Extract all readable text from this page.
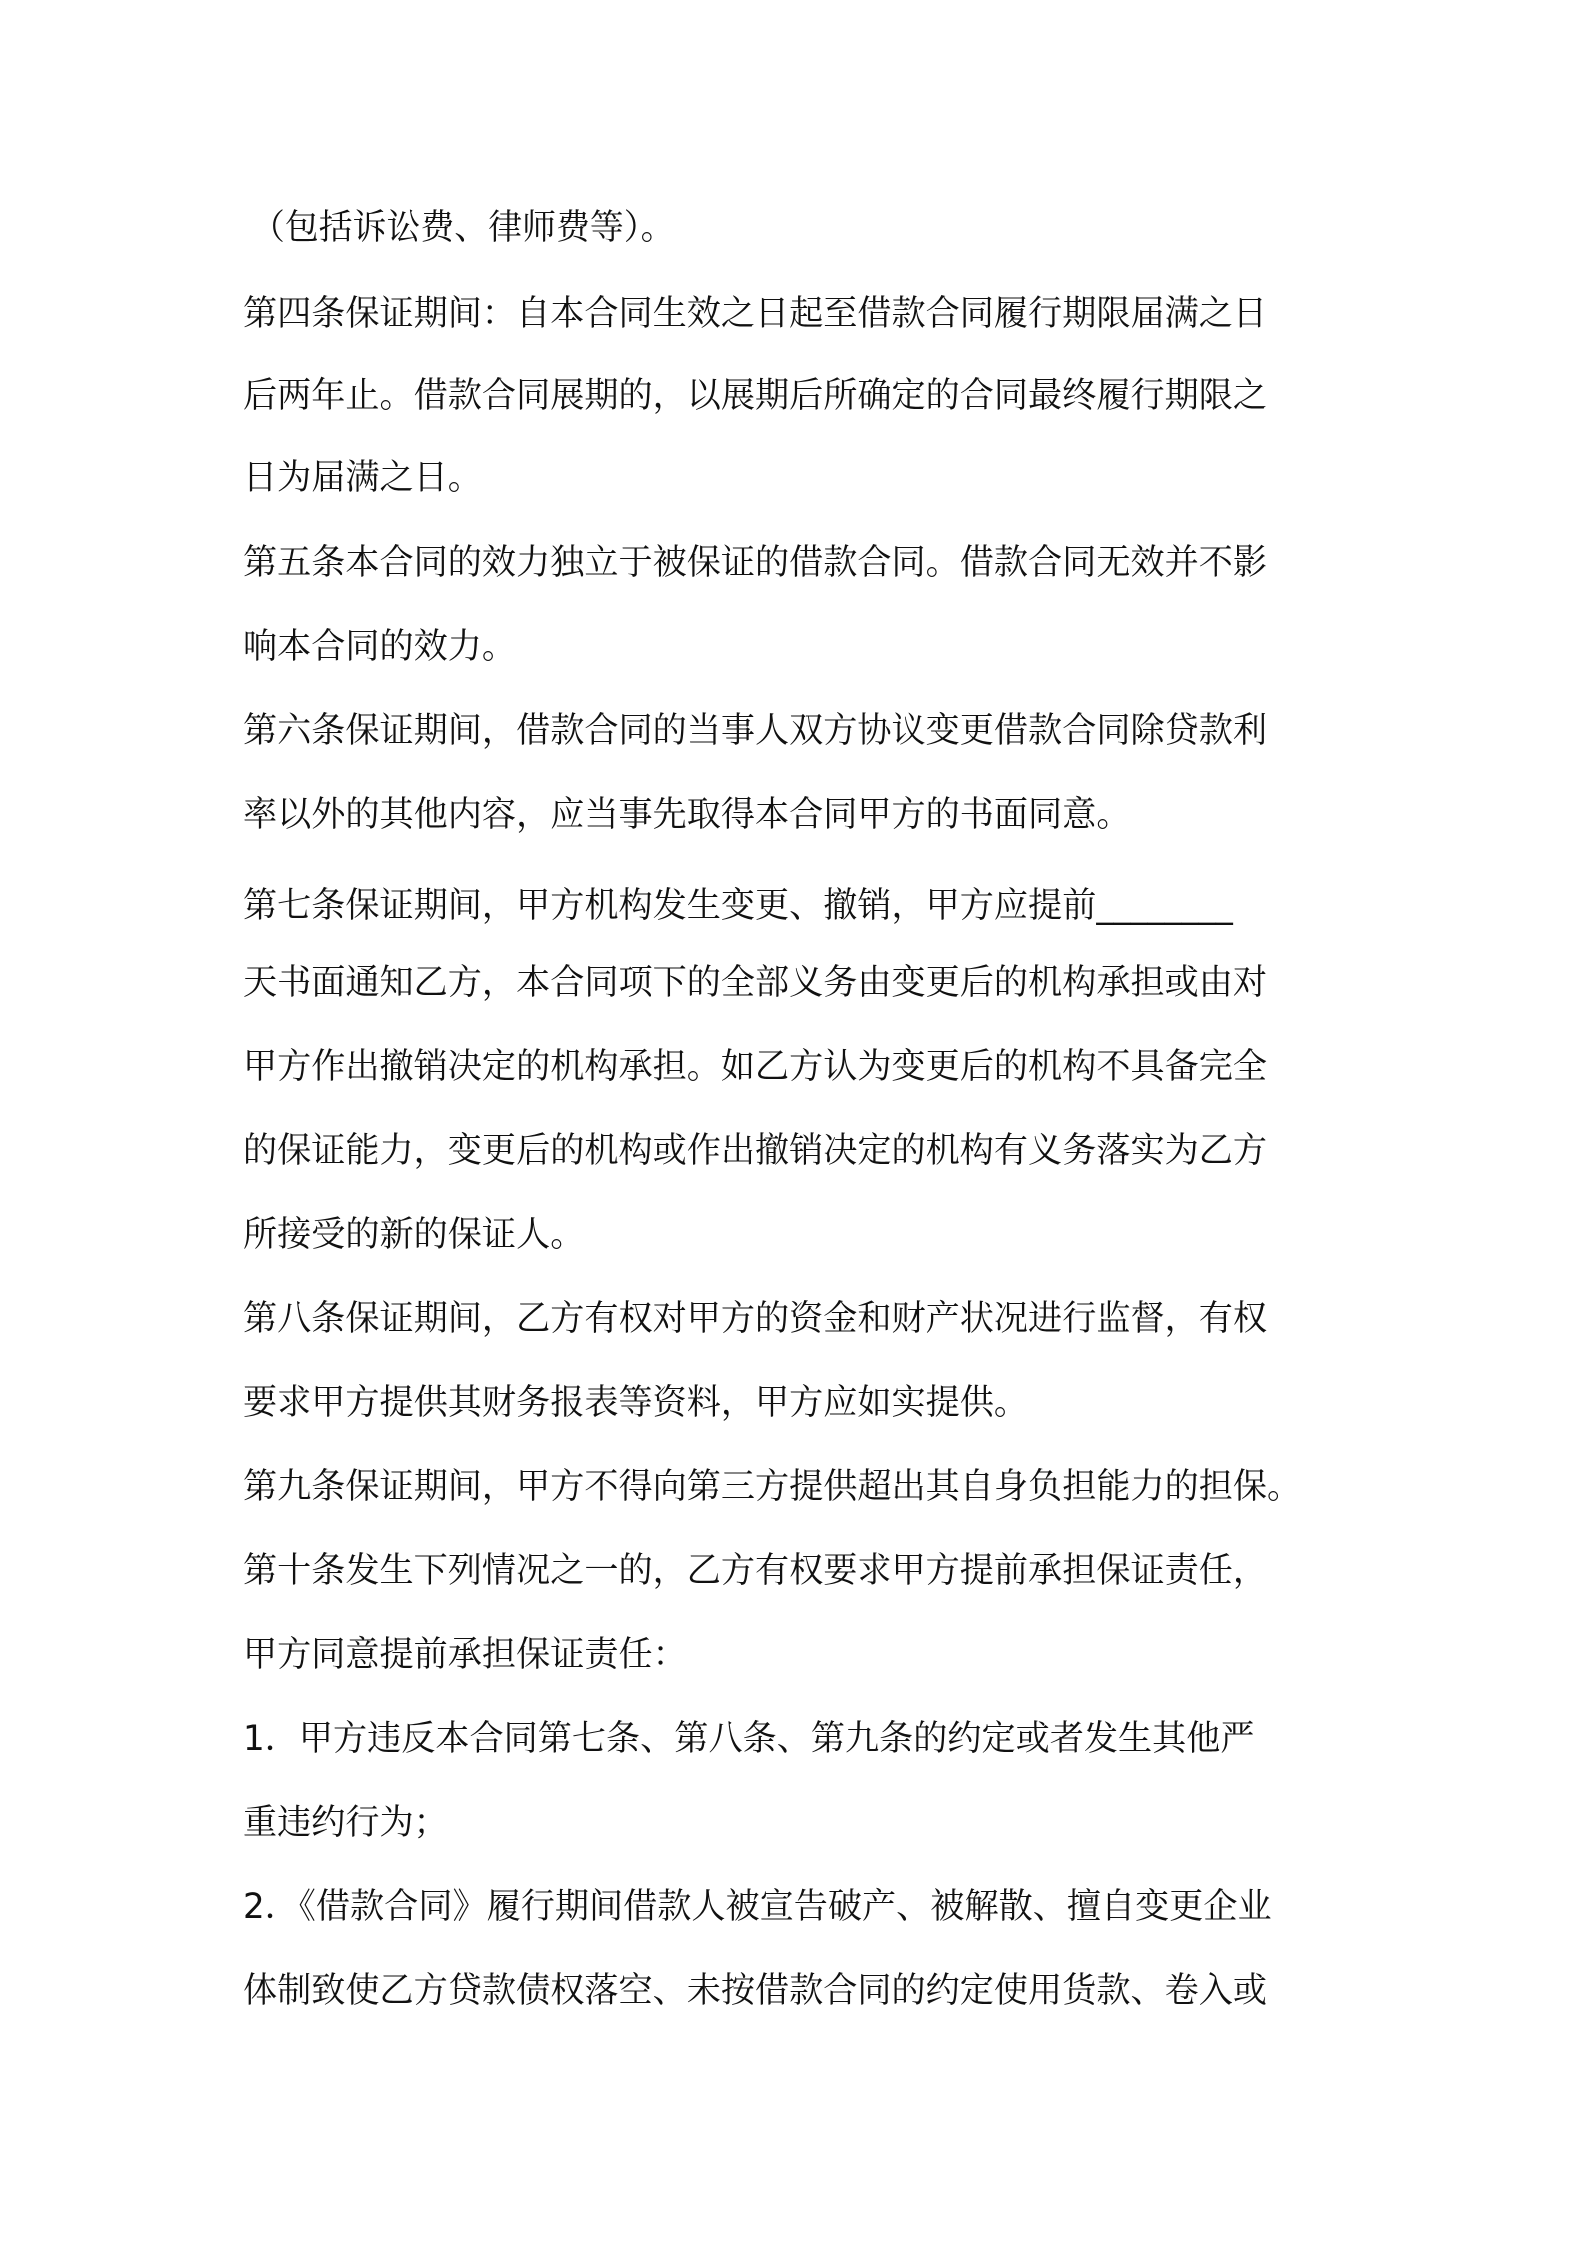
（包括诉讼费、律师费等）。
第四条保证期间：自本合同生效之日起至借款合同履行期限届满之日
后两年止。借款合同展期的，以展期后所确定的合同最终履行期限之
日为届满之日。
第五条本合同的效力独立于被保证的借款合同。借款合同无效并不影
响本合同的效力。
第六条保证期间，借款合同的当事人双方协议变更借款合同除贷款利
率以外的其他内容，应当事先取得本合同甲方的书面同意。
第七条保证期间，甲方机构发生变更、撤销，甲方应提前________
天书面通知乙方，本合同项下的全部义务由变更后的机构承担或由对
甲方作出撤销决定的机构承担。如乙方认为变更后的机构不具备完全
的保证能力，变更后的机构或作出撤销决定的机构有义务落实为乙方
所接受的新的保证人。
第八条保证期间，乙方有权对甲方的资金和财产状况进行监督，有权
要求甲方提供其财务报表等资料，甲方应如实提供。
第九条保证期间，甲方不得向第三方提供超出其自身负担能力的担保。
第十条发生下列情况之一的，乙方有权要求甲方提前承担保证责任，
甲方同意提前承担保证责任：
1．甲方违反本合同第七条、第八条、第九条的约定或者发生其他严
重违约行为；
2．《借款合同》履行期间借款人被宣告破产、被解散、擅自变更企业
体制致使乙方贷款债权落空、未按借款合同的约定使用货款、卷入或
